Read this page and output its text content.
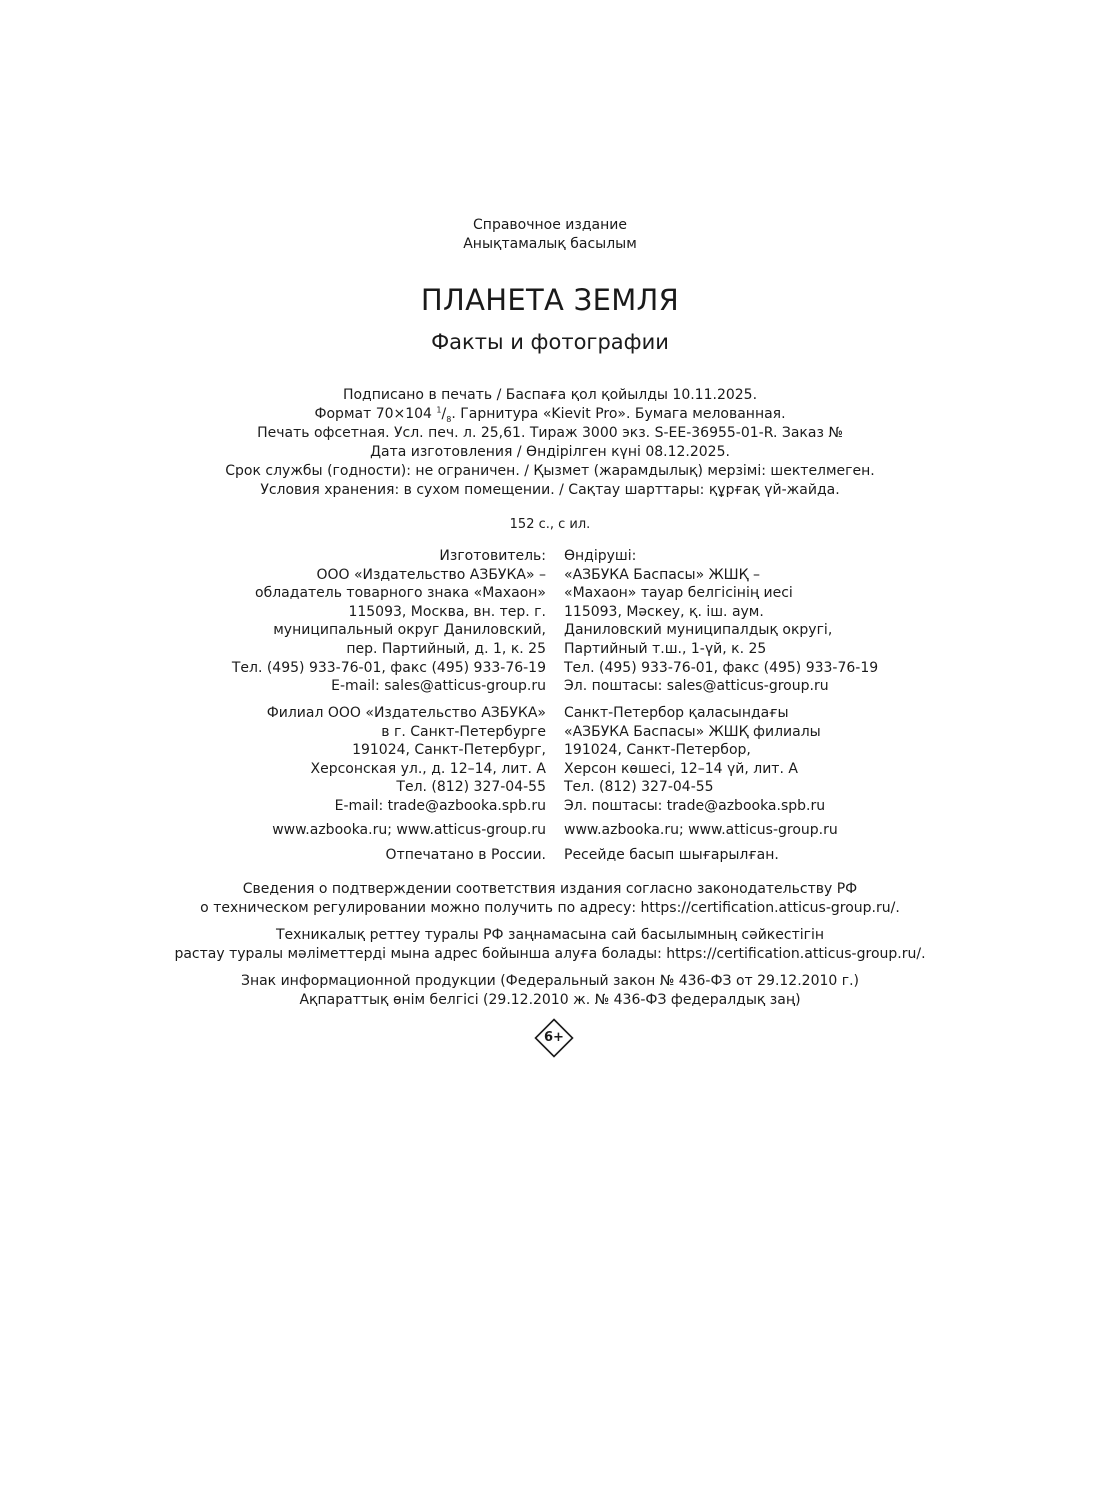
Справочное издание
Анықтамалық басылым
ПЛАНЕТА ЗЕМЛЯ
Факты и фотографии
Подписано в печать / Баспаға қол қойылды 10.11.2025.
Формат 70×104 $^1/_8$. Гарнитура «Kievit Pro». Бумага мелованная.
Печать офсетная. Усл. печ. л. 25,61. Тираж 3000 экз. S-EE-36955-01-R. Заказ №
Дата изготовления / Өндірілген күні 08.12.2025.
Срок службы (годности): не ограничен. / Қызмет (жарамдылық) мерзімі: шектелмеген.
Условия хранения: в сухом помещении. / Сақтау шарттары: құрғақ үй-жайда.
152 с., с ил.
Изготовитель:
ООО «Издательство АЗБУКА» –
обладатель товарного знака «Махаон»
115093, Москва, вн. тер. г.
муниципальный округ Даниловский,
пер. Партийный, д. 1, к. 25
Тел. (495) 933-76-01, факс (495) 933-76-19
E-mail: sales@atticus-group.ru
Өндіруші:
«АЗБУКА Баспасы» ЖШҚ –
«Махаон» тауар белгісінің иесі
115093, Мәскеу, қ. іш. аум.
Даниловский муниципалдық округі,
Партийный т.ш., 1-үй, к. 25
Тел. (495) 933-76-01, факс (495) 933-76-19
Эл. поштасы: sales@atticus-group.ru
Филиал ООО «Издательство АЗБУКА»
в г. Санкт-Петербурге
191024, Санкт-Петербург,
Херсонская ул., д. 12–14, лит. А
Тел. (812) 327-04-55
E-mail: trade@azbooka.spb.ru
Санкт-Петербор қаласындағы
«АЗБУКА Баспасы» ЖШҚ филиалы
191024, Санкт-Петербор,
Херсон көшесі, 12–14 үй, лит. А
Тел. (812) 327-04-55
Эл. поштасы: trade@azbooka.spb.ru
www.azbooka.ru; www.atticus-group.ru www.azbooka.ru; www.atticus-group.ru
Отпечатано в России. Ресейде басып шығарылған.
Сведения о подтверждении соответствия издания согласно законодательству РФ
о техническом регулировании можно получить по адресу: https://certification.atticus-group.ru/.
Техникалық реттеу туралы РФ заңнамасына сай басылымның сәйкестігін
растау туралы мәліметтерді мына адрес бойынша алуға болады: https://certification.atticus-group.ru/.
Знак информационной продукции (Федеральный закон № 436-ФЗ от 29.12.2010 г.)
Ақпараттық өнім белгісі (29.12.2010 ж. № 436-ФЗ федералдық заң)
6+
